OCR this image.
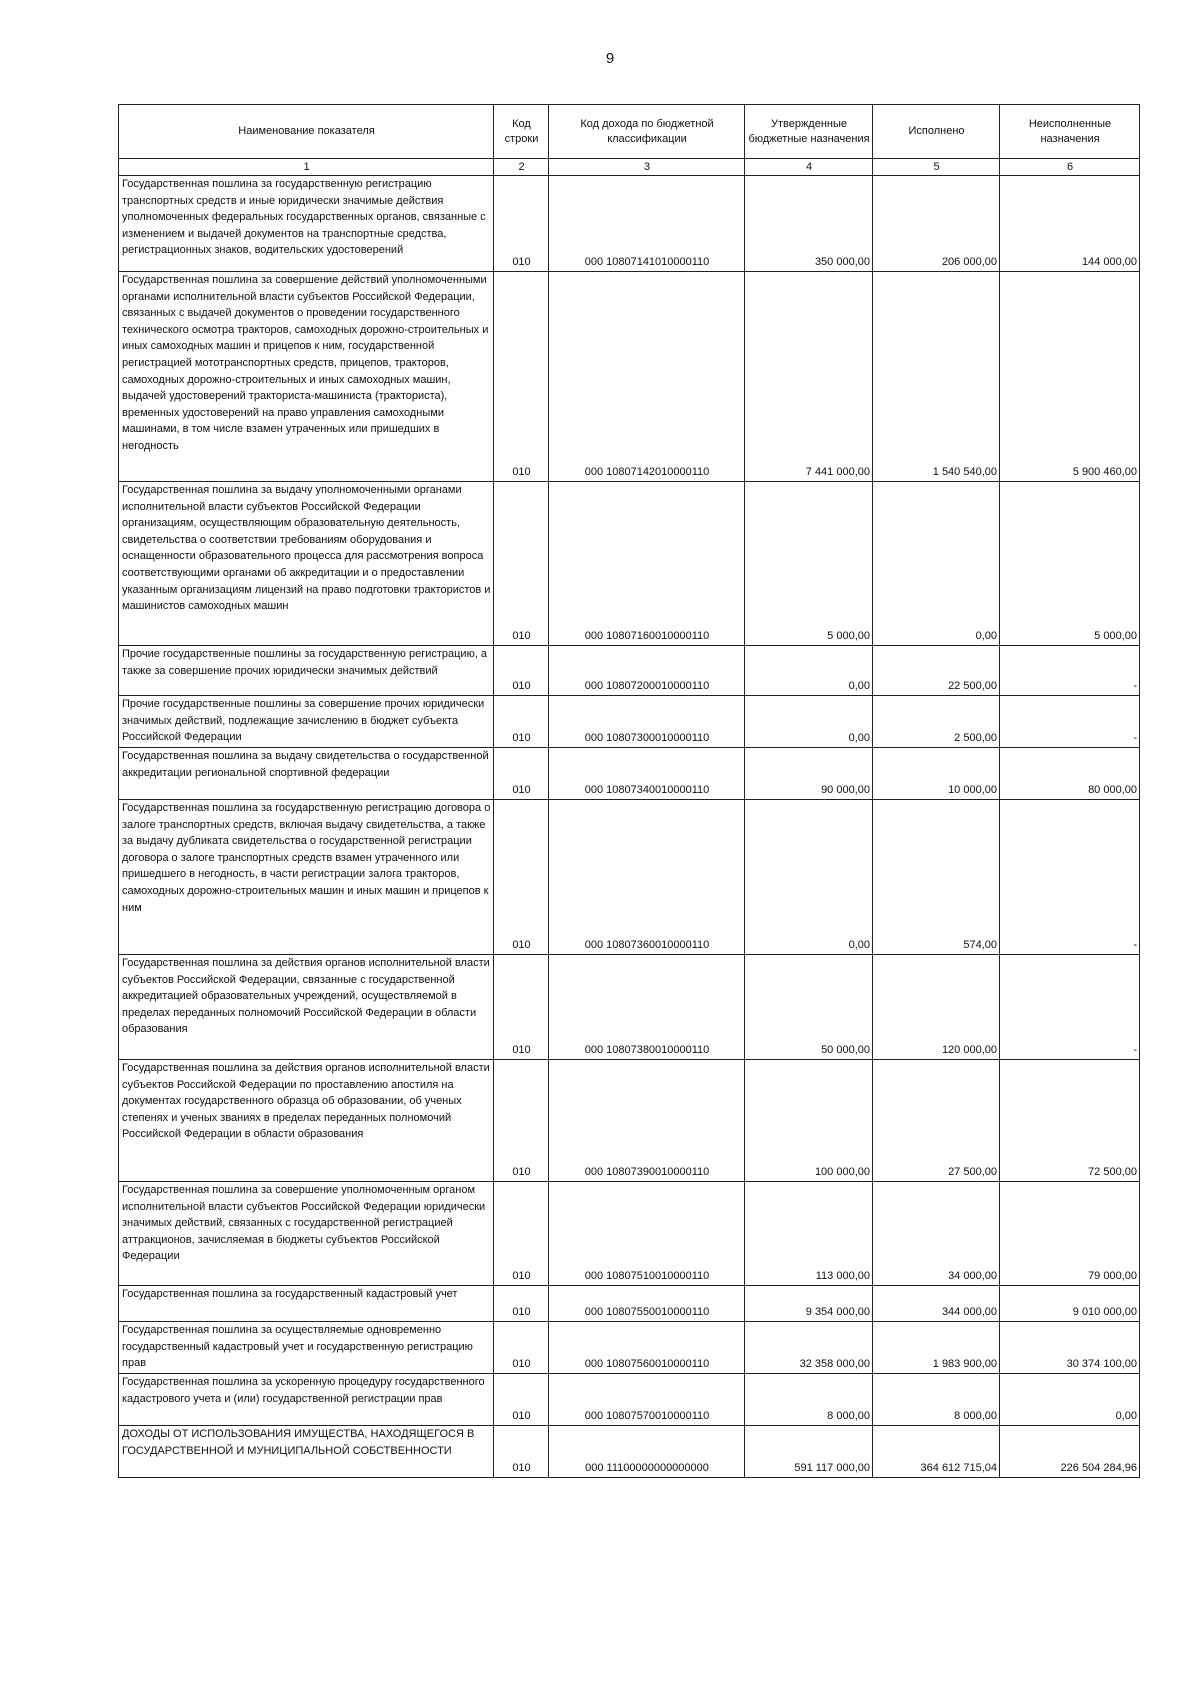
9
Наименование показателя	Код строки	Код дохода по бюджетной классификации	Утвержденные бюджетные назначения	Исполнено	Неисполненные назначения
1	2	3	4	5	6
Государственная пошлина за государственную регистрацию транспортных средств и иные юридически значимые действия уполномоченных федеральных государственных органов, связанные с изменением и выдачей документов на транспортные средства, регистрационных знаков, водительских удостоверений	010	000 10807141010000110	350 000,00	206 000,00	144 000,00
Государственная пошлина за совершение действий уполномоченными органами исполнительной власти субъектов Российской Федерации, связанных с выдачей документов о проведении государственного технического осмотра тракторов, самоходных дорожно-строительных и иных самоходных машин и прицепов к ним, государственной регистрацией мототранспортных средств, прицепов, тракторов, самоходных дорожно-строительных и иных самоходных машин, выдачей удостоверений тракториста-машиниста (тракториста), временных удостоверений на право управления самоходными машинами, в том числе взамен утраченных или пришедших в негодность	010	000 10807142010000110	7 441 000,00	1 540 540,00	5 900 460,00
Государственная пошлина за выдачу уполномоченными органами исполнительной власти субъектов Российской Федерации организациям, осуществляющим образовательную деятельность, свидетельства о соответствии требованиям оборудования и оснащенности образовательного процесса для рассмотрения вопроса соответствующими органами об аккредитации и о предоставлении указанным организациям лицензий на право подготовки трактористов и машинистов самоходных машин	010	000 10807160010000110	5 000,00	0,00	5 000,00
Прочие государственные пошлины за государственную регистрацию, а также за совершение прочих юридически значимых действий	010	000 10807200010000110	0,00	22 500,00	-
Прочие государственные пошлины за совершение прочих юридически значимых действий, подлежащие зачислению в бюджет субъекта Российской Федерации	010	000 10807300010000110	0,00	2 500,00	-
Государственная пошлина за выдачу свидетельства о государственной аккредитации региональной спортивной федерации	010	000 10807340010000110	90 000,00	10 000,00	80 000,00
Государственная пошлина за государственную регистрацию договора о залоге транспортных средств, включая выдачу свидетельства, а также за выдачу дубликата свидетельства о государственной регистрации договора о залоге транспортных средств взамен утраченного или пришедшего в негодность, в части регистрации залога тракторов, самоходных дорожно-строительных машин и иных машин и прицепов к ним	010	000 10807360010000110	0,00	574,00	-
Государственная пошлина за действия органов исполнительной власти субъектов Российской Федерации, связанные с государственной аккредитацией образовательных учреждений, осуществляемой в пределах переданных полномочий Российской Федерации в области образования	010	000 10807380010000110	50 000,00	120 000,00	-
Государственная пошлина за действия органов исполнительной власти субъектов Российской Федерации по проставлению апостиля на документах государственного образца об образовании, об ученых степенях и ученых званиях в пределах переданных полномочий Российской Федерации в области образования	010	000 10807390010000110	100 000,00	27 500,00	72 500,00
Государственная пошлина за совершение уполномоченным органом исполнительной власти субъектов Российской Федерации юридически значимых действий, связанных с государственной регистрацией аттракционов, зачисляемая в бюджеты субъектов Российской Федерации	010	000 10807510010000110	113 000,00	34 000,00	79 000,00
Государственная пошлина за государственный кадастровый учет	010	000 10807550010000110	9 354 000,00	344 000,00	9 010 000,00
Государственная пошлина за осуществляемые одновременно государственный кадастровый учет и государственную регистрацию прав	010	000 10807560010000110	32 358 000,00	1 983 900,00	30 374 100,00
Государственная пошлина за ускоренную процедуру государственного кадастрового учета и (или) государственной регистрации прав	010	000 10807570010000110	8 000,00	8 000,00	0,00
ДОХОДЫ ОТ ИСПОЛЬЗОВАНИЯ ИМУЩЕСТВА, НАХОДЯЩЕГОСЯ В ГОСУДАРСТВЕННОЙ И МУНИЦИПАЛЬНОЙ СОБСТВЕННОСТИ	010	000 11100000000000000	591 117 000,00	364 612 715,04	226 504 284,96
